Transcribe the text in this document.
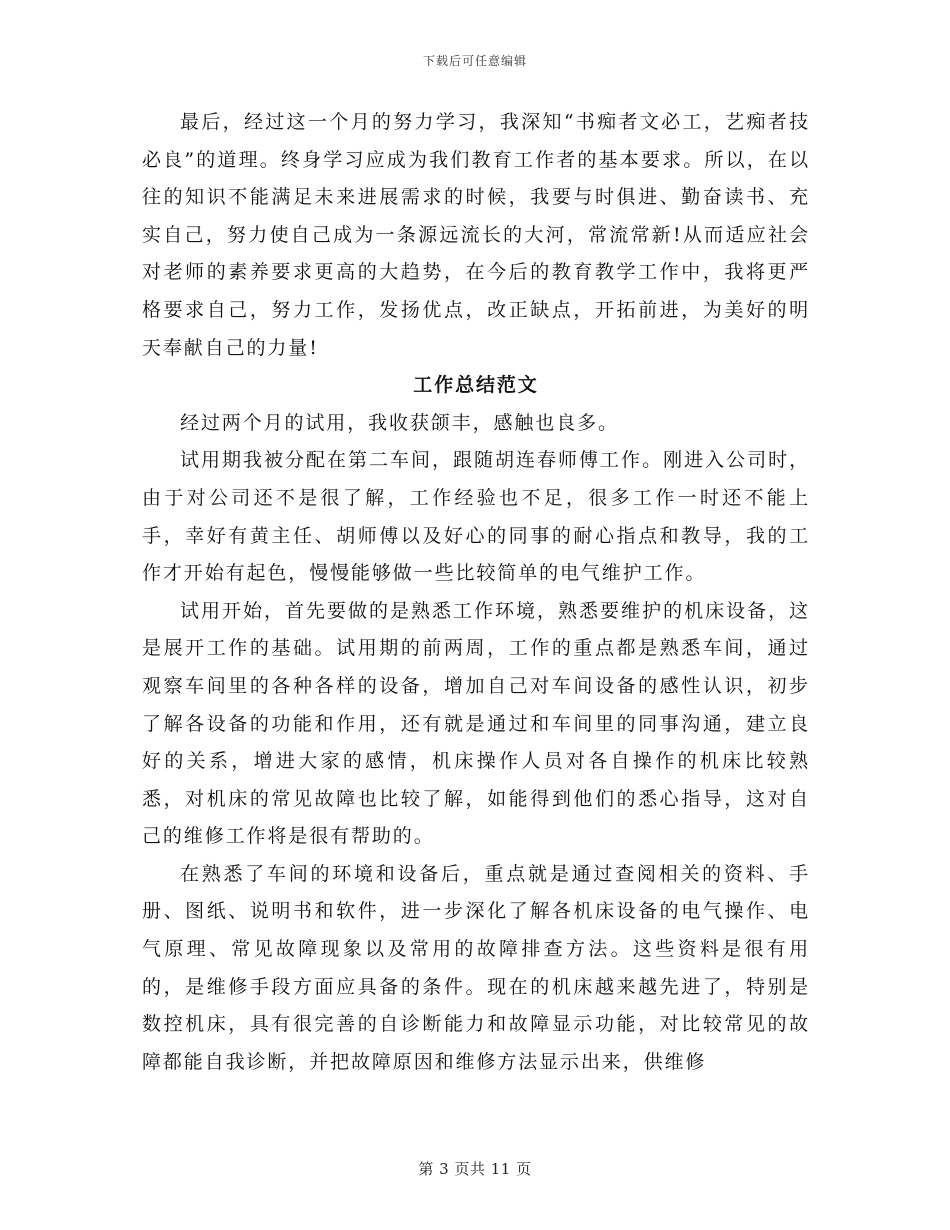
下载后可任意编辑

最后，经过这一个月的努力学习，我深知“书痴者文必工，艺痴者技必良”的道理。终身学习应成为我们教育工作者的基本要求。所以，在以往的知识不能满足未来进展需求的时候，我要与时俱进、勤奋读书、充实自己，努力使自己成为一条源远流长的大河，常流常新!从而适应社会对老师的素养要求更高的大趋势，在今后的教育教学工作中，我将更严格要求自己，努力工作，发扬优点，改正缺点，开拓前进，为美好的明天奉献自己的力量!

工作总结范文

经过两个月的试用，我收获颌丰，感触也良多。

试用期我被分配在第二车间，跟随胡连春师傅工作。刚进入公司时，由于对公司还不是很了解，工作经验也不足，很多工作一时还不能上手，幸好有黄主任、胡师傅以及好心的同事的耐心指点和教导，我的工作才开始有起色，慢慢能够做一些比较简单的电气维护工作。

试用开始，首先要做的是熟悉工作环境，熟悉要维护的机床设备，这是展开工作的基础。试用期的前两周，工作的重点都是熟悉车间，通过观察车间里的各种各样的设备，增加自己对车间设备的感性认识，初步了解各设备的功能和作用，还有就是通过和车间里的同事沟通，建立良好的关系，增进大家的感情，机床操作人员对各自操作的机床比较熟悉，对机床的常见故障也比较了解，如能得到他们的悉心指导，这对自己的维修工作将是很有帮助的。

在熟悉了车间的环境和设备后，重点就是通过查阅相关的资料、手册、图纸、说明书和软件，进一步深化了解各机床设备的电气操作、电气原理、常见故障现象以及常用的故障排查方法。这些资料是很有用的，是维修手段方面应具备的条件。现在的机床越来越先进了，特别是数控机床，具有很完善的自诊断能力和故障显示功能，对比较常见的故障都能自我诊断，并把故障原因和维修方法显示出来，供维修

第 3 页共 11 页
